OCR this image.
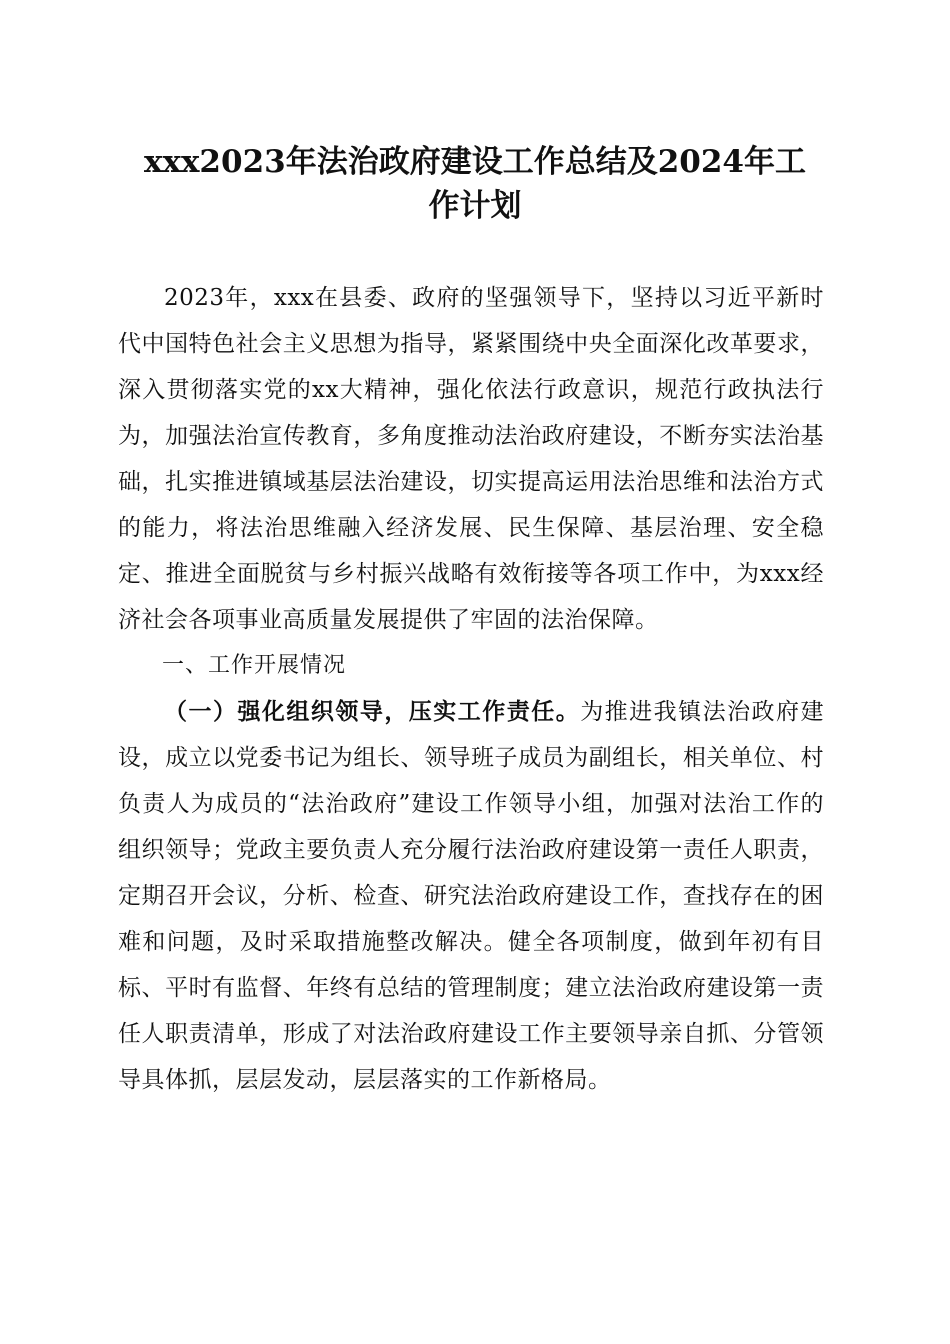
xxx2023年法治政府建设工作总结及2024年工
作计划

2023年，xxx在县委、政府的坚强领导下，坚持以习近平新时代中国特色社会主义思想为指导，紧紧围绕中央全面深化改革要求，深入贯彻落实党的xx大精神，强化依法行政意识，规范行政执法行为，加强法治宣传教育，多角度推动法治政府建设，不断夯实法治基础，扎实推进镇域基层法治建设，切实提高运用法治思维和法治方式的能力，将法治思维融入经济发展、民生保障、基层治理、安全稳定、推进全面脱贫与乡村振兴战略有效衔接等各项工作中，为xxx经济社会各项事业高质量发展提供了牢固的法治保障。

一、工作开展情况

（一）强化组织领导，压实工作责任。为推进我镇法治政府建设，成立以党委书记为组长、领导班子成员为副组长，相关单位、村负责人为成员的“法治政府”建设工作领导小组，加强对法治工作的组织领导；党政主要负责人充分履行法治政府建设第一责任人职责，定期召开会议，分析、检查、研究法治政府建设工作，查找存在的困难和问题，及时采取措施整改解决。健全各项制度，做到年初有目标、平时有监督、年终有总结的管理制度；建立法治政府建设第一责任人职责清单，形成了对法治政府建设工作主要领导亲自抓、分管领导具体抓，层层发动，层层落实的工作新格局。
